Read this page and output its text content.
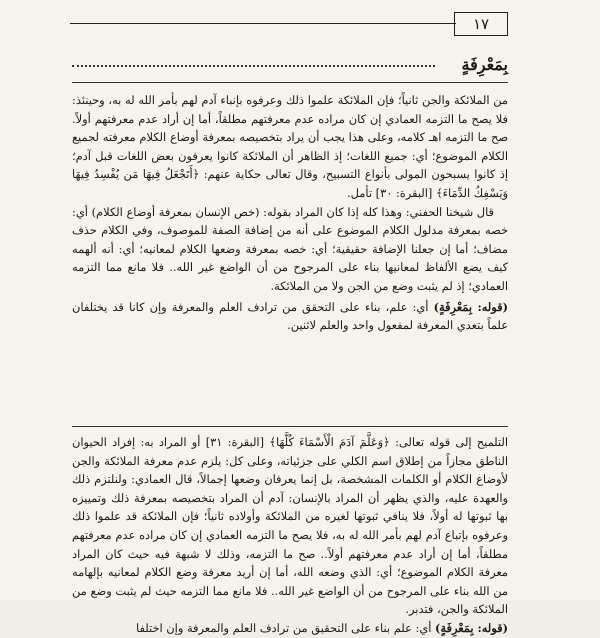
١٧
بِمَعْرِفَةٍ

من الملائكة والجن ثانياً؛ فإن الملائكة علموا ذلك وعرفوه بإنباء آدم لهم بأمر الله له به، وحينئذ: فلا يصح ما التزمه العمادي إن كان مراده عدم معرفتهم مطلقاً، أما إن أراد عدم معرفتهم أولاً. صح ما التزمه اهـ كلامه، وعلى هذا يجب أن يراد بتخصيصه بمعرفة أوضاع الكلام معرفته لجميع الكلام الموضوع؛ أي: جميع اللغات؛ إذ الظاهر أن الملائكة كانوا يعرفون بعض اللغات قبل آدم؛ إذ كانوا يسبحون المولى بأنواع التسبيح، وقال تعالى حكاية عنهم: ﴿أَتَجْعَلُ فِيهَا مَن يُفْسِدُ فِيهَا وَيَسْفِكُ الدِّمَاءَ﴾ [البقرة: ٣٠] تأمل.

قال شيخنا الحفني: وهذا كله إذا كان المراد بقوله: (خص الإنسان بمعرفة أوضاع الكلام) أي: خصه بمعرفة مدلول الكلام الموضوع على أنه من إضافة الصفة للموصوف، وفي الكلام حذف مضاف؛ أما إن جعلنا الإضافة حقيقية؛ أي: خصه بمعرفة وضعها الكلام لمعانيه؛ أي: أنه ألهمه كيف يضع الألفاظ لمعانيها بناء على المرجوح من أن الواضع غير الله.. فلا مانع مما التزمه العمادي؛ إذ لم يثبت وضع من الجن ولا من الملائكة.

(قوله: بِمَعْرِفَةٍ) أي: علم، بناء على التحقق من ترادف العلم والمعرفة وإن كانا قد يختلفان علماً بتعدي المعرفة لمفعول واحد والعلم لاثنين.

التلميح إلى قوله تعالى: ﴿وَعَلَّمَ آدَمَ الْأَسْمَاءَ كُلَّهَا﴾ [البقرة: ٣١] أو المراد به: إفراد الحيوان الناطق مجازاً من إطلاق اسم الكلي على جزئياته، وعلى كل: يلزم عدم معرفة الملائكة والجن لأوضاع الكلام أو الكلمات المشخصة، بل إنما يعرفان وضعها إجمالاً، قال العمادي: ولنلتزم ذلك والعهدة عليه، والذي يظهر أن المراد بالإنسان: آدم أن المراد بتخصيصه بمعرفة ذلك وتمييزه بها ثبوتها له أولاً، فلا ينافي ثبوتها لغيره من الملائكة وأولاده ثانياً؛ فإن الملائكة قد علموا ذلك وعرفوه بإتباع آدم لهم بأمر الله له به، فلا يصح ما التزمه العمادي إن كان مراده عدم معرفتهم مطلقاً، أما إن أراد عدم معرفتهم أولاً.. صح ما التزمه، وذلك لا شبهة فيه حيث كان المراد معرفة الكلام الموضوع؛ أي: الذي وضعه الله، أما إن أريد معرفة وضع الكلام لمعانيه بإلهامه من الله بناء على المرجوح من أن الواضع غير الله.. فلا مانع مما التزمه حيث لم يثبت وضع من الملائكة والجن، فتدبر.

(قوله: بِمَعْرِفَةٍ) أي: علم بناء على التحقيق من ترادف العلم والمعرفة وإن اختلفا
